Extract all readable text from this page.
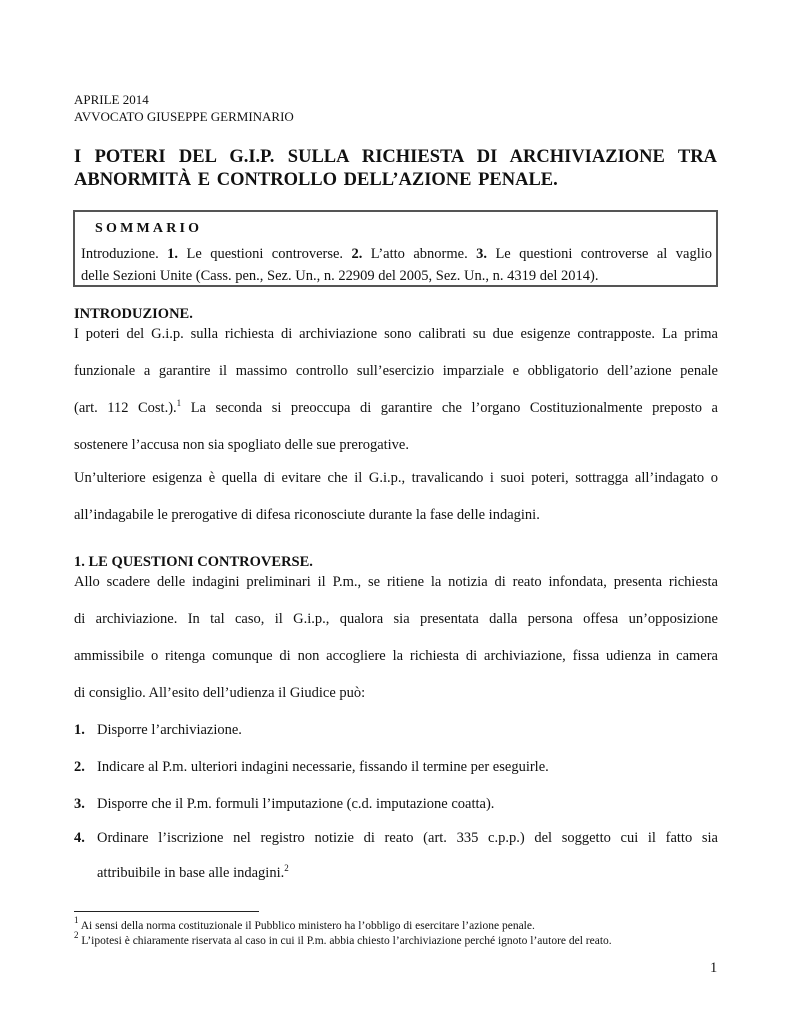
APRILE 2014
AVVOCATO GIUSEPPE GERMINARIO
I POTERI DEL G.I.P. SULLA RICHIESTA DI ARCHIVIAZIONE TRA
ABNORMITÀ E CONTROLLO DELL’AZIONE PENALE.
SOMMARIO
Introduzione. 1. Le questioni controverse. 2. L’atto abnorme. 3. Le questioni controverse al vaglio
delle Sezioni Unite (Cass. pen., Sez. Un., n. 22909 del 2005, Sez. Un., n. 4319 del 2014).
INTRODUZIONE.
I poteri del G.i.p. sulla richiesta di archiviazione sono calibrati su due esigenze contrapposte. La prima
funzionale a garantire il massimo controllo sull’esercizio imparziale e obbligatorio dell’azione penale
(art. 112 Cost.).$^1$ La seconda si preoccupa di garantire che l’organo Costituzionalmente preposto a
sostenere l’accusa non sia spogliato delle sue prerogative.
Un’ulteriore esigenza è quella di evitare che il G.i.p., travalicando i suoi poteri, sottragga all’indagato o
all’indagabile le prerogative di difesa riconosciute durante la fase delle indagini.
1. LE QUESTIONI CONTROVERSE.
Allo scadere delle indagini preliminari il P.m., se ritiene la notizia di reato infondata, presenta richiesta
di archiviazione. In tal caso, il G.i.p., qualora sia presentata dalla persona offesa un’opposizione
ammissibile o ritenga comunque di non accogliere la richiesta di archiviazione, fissa udienza in camera
di consiglio. All’esito dell’udienza il Giudice può:
1. Disporre l’archiviazione.
2. Indicare al P.m. ulteriori indagini necessarie, fissando il termine per eseguirle.
3. Disporre che il P.m. formuli l’imputazione (c.d. imputazione coatta).
4. Ordinare l’iscrizione nel registro notizie di reato (art. 335 c.p.p.) del soggetto cui il fatto sia
attribuibile in base alle indagini.$^2$
$^1$ Ai sensi della norma costituzionale il Pubblico ministero ha l’obbligo di esercitare l’azione penale.
$^2$ L’ipotesi è chiaramente riservata al caso in cui il P.m. abbia chiesto l’archiviazione perché ignoto l’autore del reato.
1
